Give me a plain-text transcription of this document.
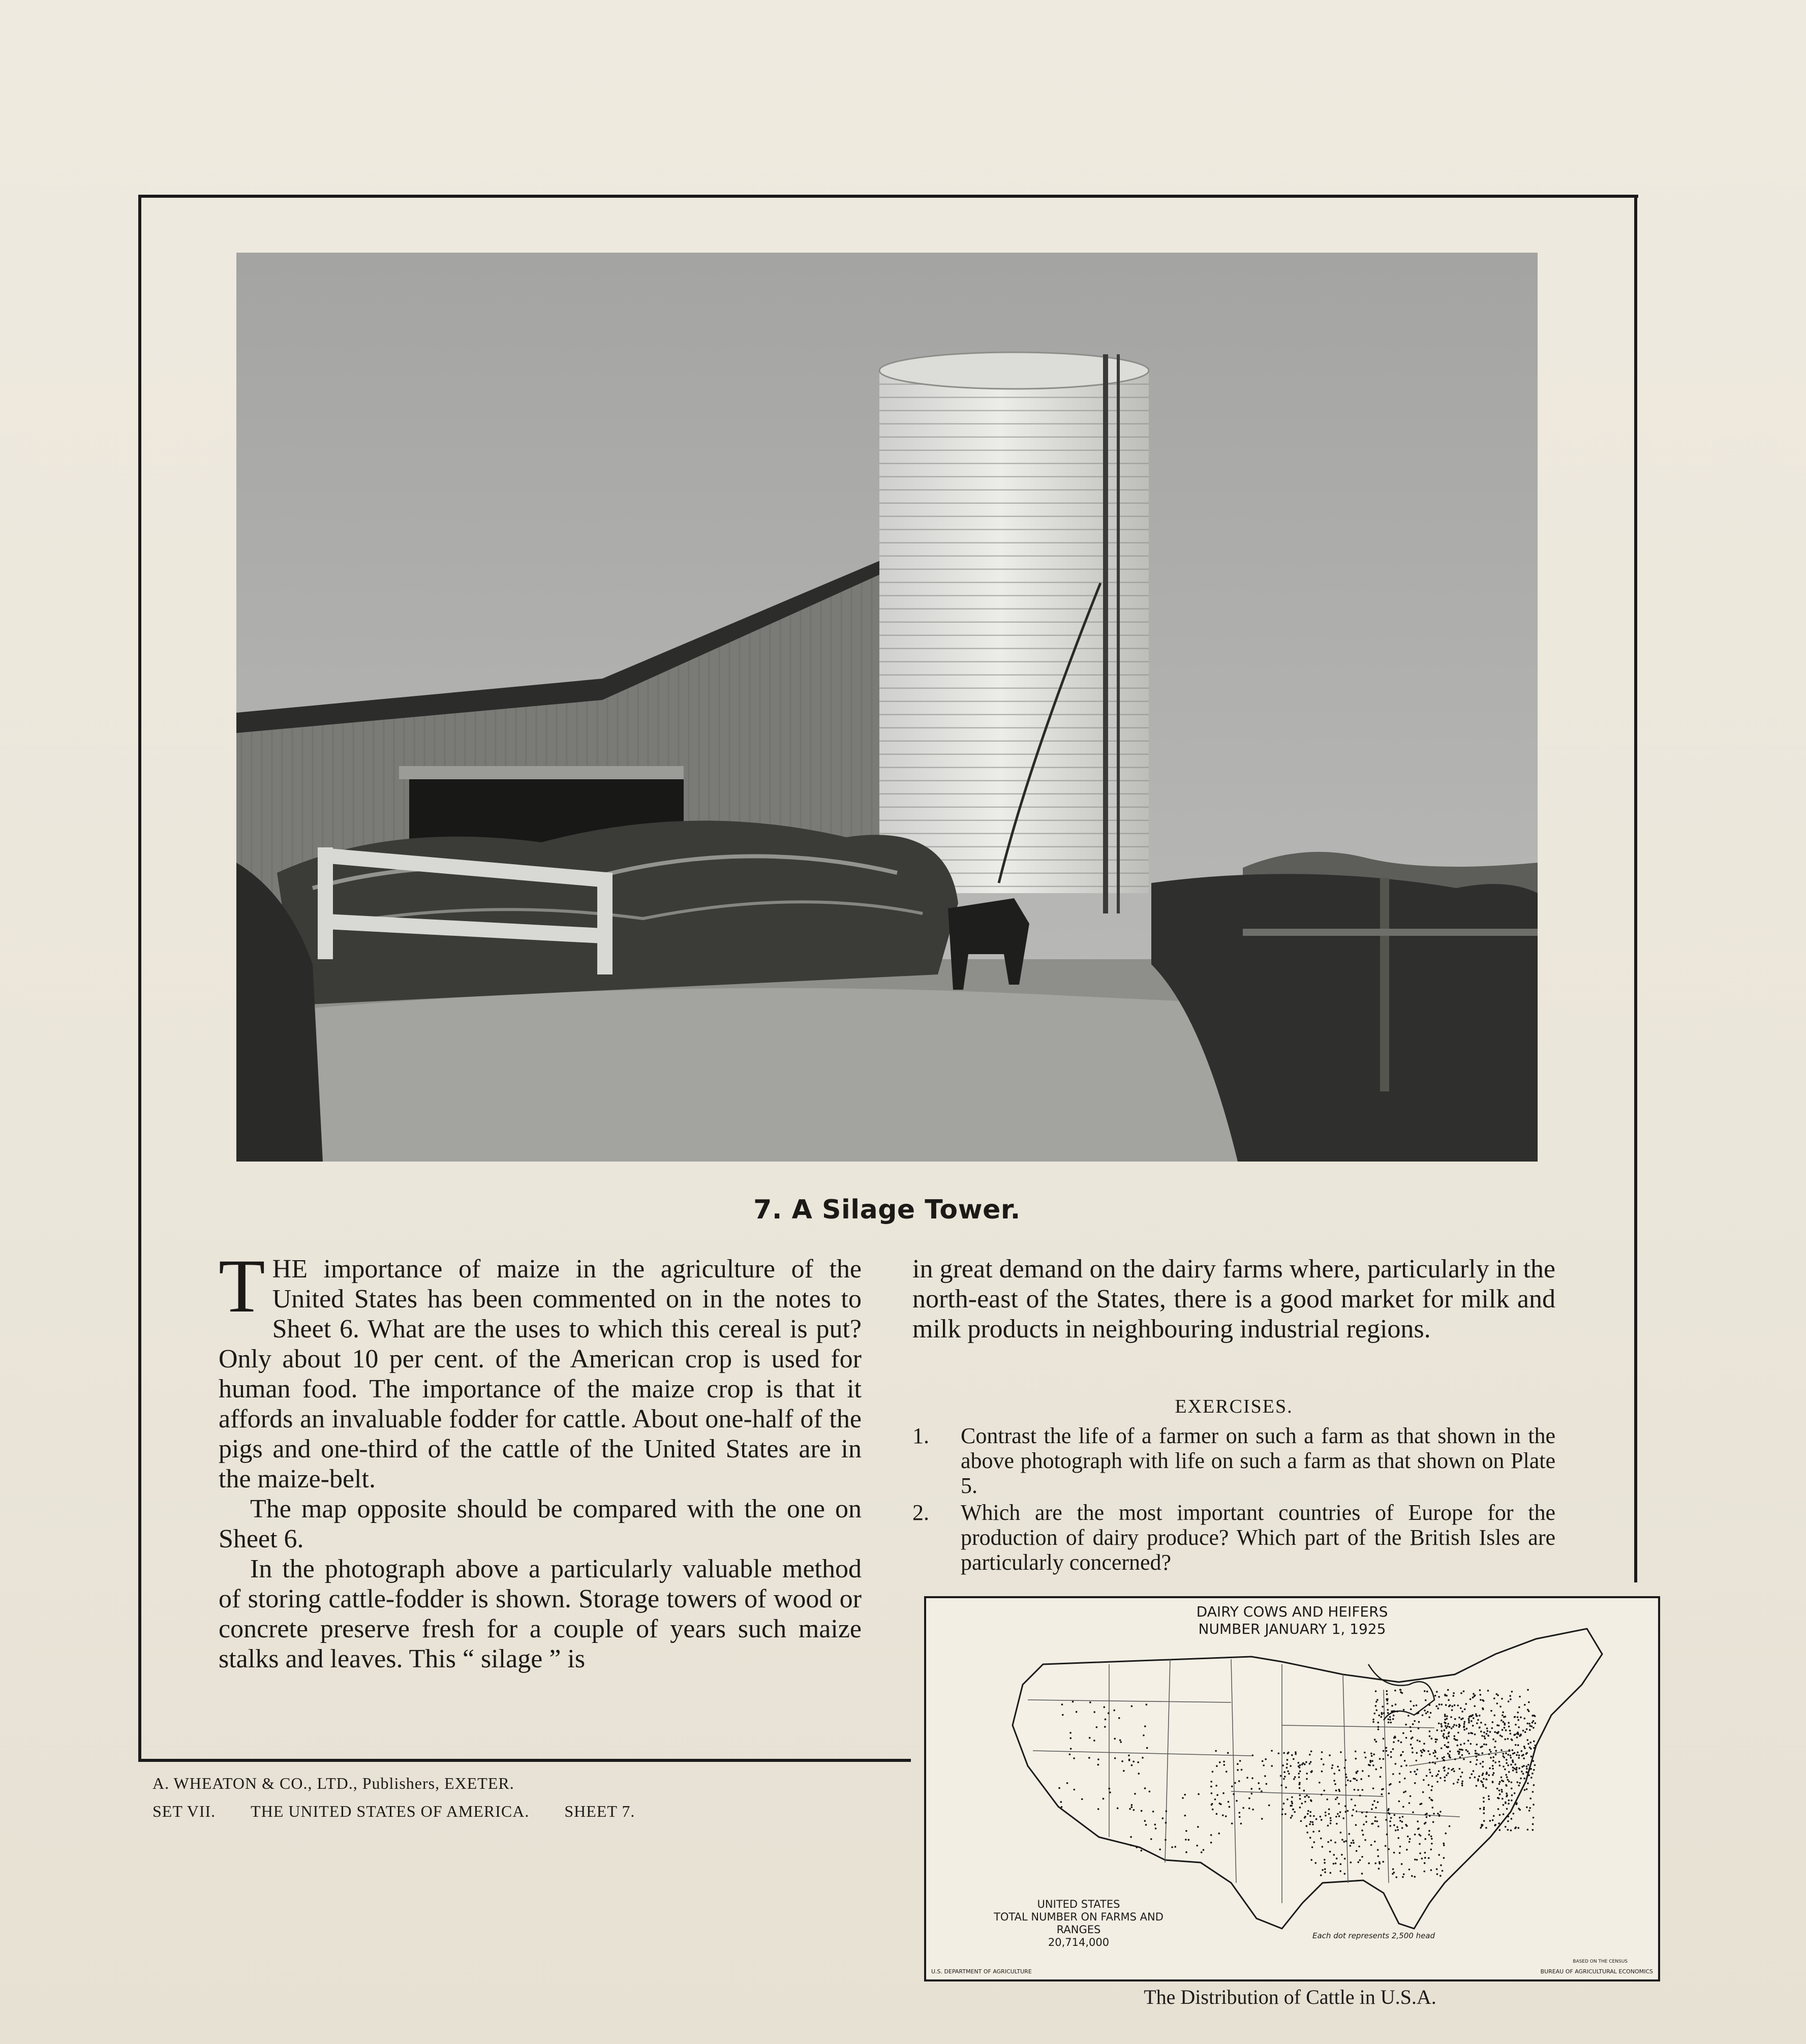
7. A Silage Tower.

THE importance of maize in the agriculture of the United States has been commented on in the notes to Sheet 6. What are the uses to which this cereal is put? Only about 10 per cent. of the American crop is used for human food. The importance of the maize crop is that it affords an invaluable fodder for cattle. About one-half of the pigs and one-third of the cattle of the United States are in the maize-belt.

The map opposite should be compared with the one on Sheet 6.

In the photograph above a particularly valuable method of storing cattle-fodder is shown. Storage towers of wood or concrete preserve fresh for a couple of years such maize stalks and leaves. This “ silage ” is

in great demand on the dairy farms where, particularly in the north-east of the States, there is a good market for milk and milk products in neighbouring industrial regions.

EXERCISES.
1. Contrast the life of a farmer on such a farm as that shown in the above photograph with life on such a farm as that shown on Plate 5.
2. Which are the most important countries of Europe for the production of dairy produce? Which part of the British Isles are particularly concerned?
DAIRY COWS AND HEIFERS
NUMBER JANUARY 1, 1925
UNITED STATES
TOTAL NUMBER ON FARMS AND RANGES
20,714,000
Each dot represents 2,500 head
BASED ON THE CENSUS
U.S. DEPARTMENT OF AGRICULTURE	BUREAU OF AGRICULTURAL ECONOMICS
The Distribution of Cattle in U.S.A.
A. WHEATON & CO., LTD., Publishers, EXETER.
SET VII. THE UNITED STATES OF AMERICA. SHEET 7.
